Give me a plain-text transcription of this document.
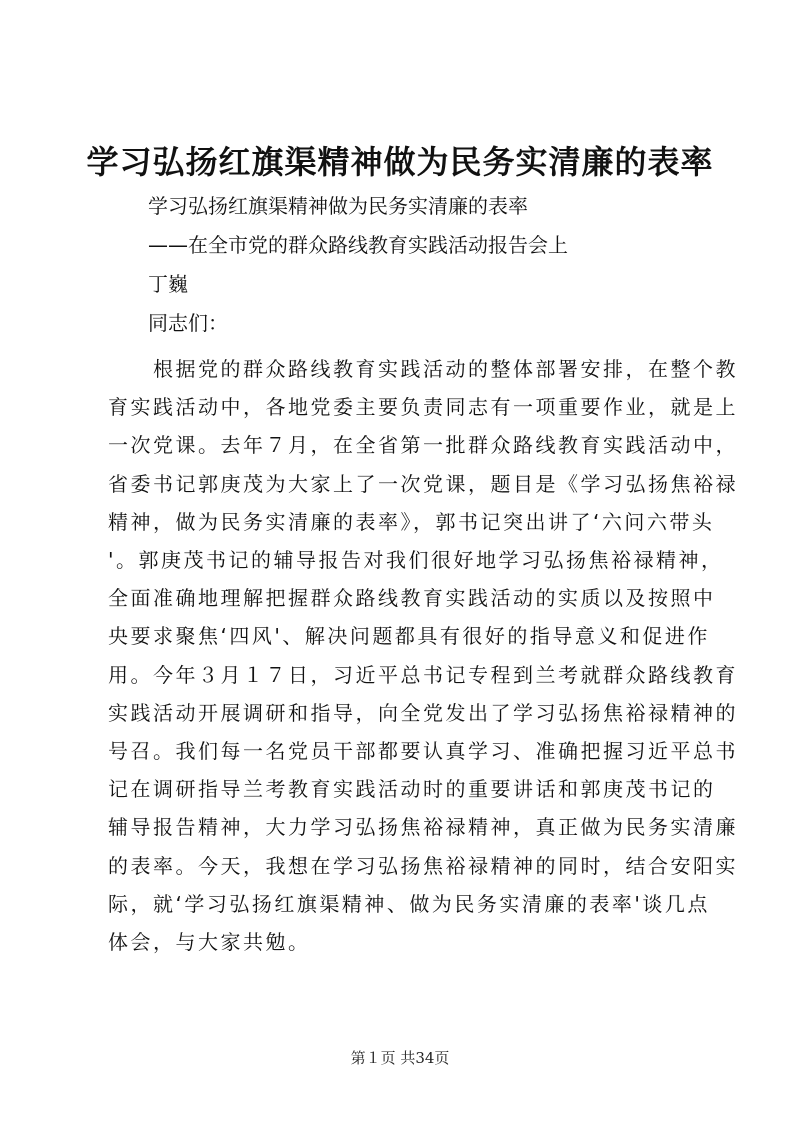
学习弘扬红旗渠精神做为民务实清廉的表率
学习弘扬红旗渠精神做为民务实清廉的表率
——在全市党的群众路线教育实践活动报告会上
丁巍
同志们：
　　根据党的群众路线教育实践活动的整体部署安排，在整个教
育实践活动中，各地党委主要负责同志有一项重要作业，就是上
一次党课。去年７月，在全省第一批群众路线教育实践活动中，
省委书记郭庚茂为大家上了一次党课，题目是《学习弘扬焦裕禄
精神，做为民务实清廉的表率》，郭书记突出讲了‘六问六带头
'。郭庚茂书记的辅导报告对我们很好地学习弘扬焦裕禄精神，
全面准确地理解把握群众路线教育实践活动的实质以及按照中
央要求聚焦‘四风'、解决问题都具有很好的指导意义和促进作
用。今年３月１７日，习近平总书记专程到兰考就群众路线教育
实践活动开展调研和指导，向全党发出了学习弘扬焦裕禄精神的
号召。我们每一名党员干部都要认真学习、准确把握习近平总书
记在调研指导兰考教育实践活动时的重要讲话和郭庚茂书记的
辅导报告精神，大力学习弘扬焦裕禄精神，真正做为民务实清廉
的表率。今天，我想在学习弘扬焦裕禄精神的同时，结合安阳实
际，就‘学习弘扬红旗渠精神、做为民务实清廉的表率'谈几点
体会，与大家共勉。
第１页 共34页
